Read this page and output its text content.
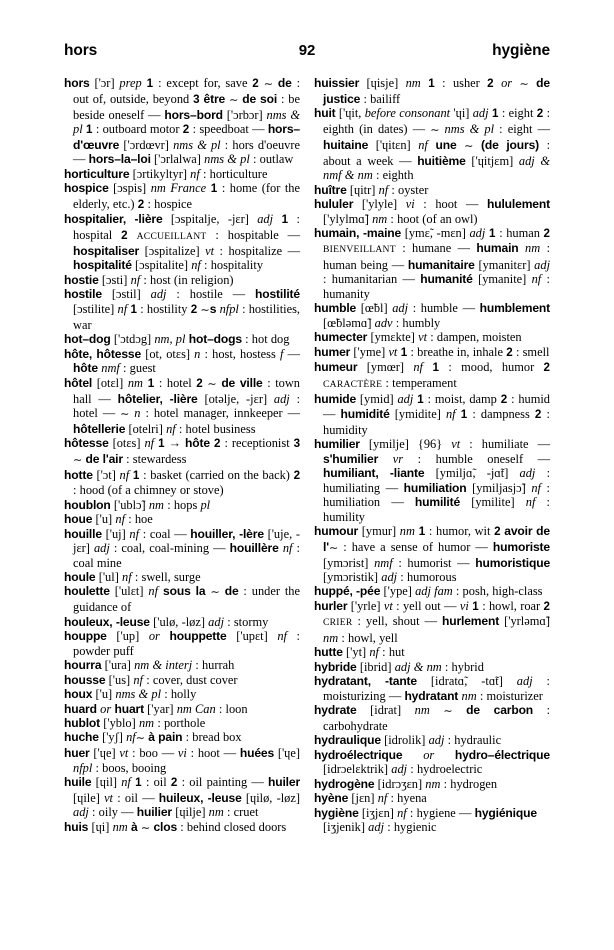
hors	92	hygiène

hors ['ɔr] prep 1 : except for, save 2 ∼ de : out of, outside, beyond 3 être ∼ de soi : be beside oneself — hors–bord ['ɔrbɔr] nms & pl 1 : outboard motor 2 : speedboat — hors–d'œuvre ['ɔrdœvr] nms & pl : hors d'oeuvre — hors–la–loi ['ɔrlalwa] nms & pl : outlaw

horticulture [ɔrtikyltyr] nf : horticulture

hospice [ɔspis] nm France 1 : home (for the elderly, etc.) 2 : hospice

hospitalier, -lière [ɔspitalje, -jɛr] adj 1 : hospital 2 ACCUEILLANT : hospitable — hospitaliser [ɔspitalize] vt : hospitalize — hospitalité [ɔspitalite] nf : hospitality

hostie [ɔsti] nf : host (in religion)

hostile [ɔstil] adj : hostile — hostilité [ɔstilite] nf 1 : hostility 2 ∼s nfpl : hostilities, war

hot–dog ['ɔtdɔg] nm, pl hot–dogs : hot dog

hôte, hôtesse [ot, otɛs] n : host, hostess f — hôte nmf : guest

hôtel [otɛl] nm 1 : hotel 2 ∼ de ville : town hall — hôtelier, -lière [otəlje, -jɛr] adj : hotel — ∼ n : hotel manager, innkeeper — hôtellerie [otelri] nf : hotel business

hôtesse [otɛs] nf 1 → hôte 2 : receptionist 3 ∼ de l'air : stewardess

hotte ['ɔt] nf 1 : basket (carried on the back) 2 : hood (of a chimney or stove)

houblon ['ublɔ̃] nm : hops pl

houe ['u] nf : hoe

houille ['uj] nf : coal — houiller, -lère ['uje, -jɛr] adj : coal, coal-mining — houillère nf : coal mine

houle ['ul] nf : swell, surge

houlette ['ulɛt] nf sous la ∼ de : under the guidance of

houleux, -leuse ['ulø, -løz] adj : stormy

houppe ['up] or houppette ['upɛt] nf : powder puff

hourra ['ura] nm & interj : hurrah

housse ['us] nf : cover, dust cover

houx ['u] nms & pl : holly

huard or huart ['yar] nm Can : loon

hublot ['yblo] nm : porthole

huche ['yʃ] nf∼ à pain : bread box

huer ['ɥe] vt : boo — vi : hoot — huées ['ɥe] nfpl : boos, booing

huile [ɥil] nf 1 : oil 2 : oil painting — huiler [ɥile] vt : oil — huileux, -leuse [ɥilø, -løz] adj : oily — huilier [ɥilje] nm : cruet

huis [ɥi] nm à ∼ clos : behind closed doors

huissier [ɥisje] nm 1 : usher 2 or ∼ de justice : bailiff

huit ['ɥit, before consonant 'ɥi] adj 1 : eight 2 : eighth (in dates) — ∼ nms & pl : eight —huitaine ['ɥitɛn] nf une ∼ (de jours) : about a week — huitième ['ɥitjɛm] adj & nmf & nm : eighth

huître [ɥitr] nf : oyster

hululer ['ylyle] vi : hoot — hululement ['ylylmɑ̃] nm : hoot (of an owl)

humain, -maine [ymɛ̃, -mɛn] adj 1 : human 2 BIENVEILLANT : humane — humain nm : human being — humanitaire [ymanitɛr] adj : humanitarian — humanité [ymanite] nf : humanity

humble [œ̃bl] adj : humble — humblement [œ̃bləmɑ̃] adv : humbly

humecter [ymɛkte] vt : dampen, moisten

humer ['yme] vt 1 : breathe in, inhale 2 : smell

humeur [ymœr] nf 1 : mood, humor 2 CARACTÈRE : temperament

humide [ymid] adj 1 : moist, damp 2 : humid — humidité [ymidite] nf 1 : dampness 2 : humidity

humilier [ymilje] {96} vt : humiliate — s'humilier vr : humble oneself — humiliant, -liante [ymiljɑ̃, -jɑ̃t] adj : humiliating — humiliation [ymiljasjɔ̃] nf : humiliation — humilité [ymilite] nf : humility

humour [ymur] nm 1 : humor, wit 2 avoir de l'∼ : have a sense of humor — humoriste [ymɔrist] nmf : humorist — humoristique [ymɔristik] adj : humorous

huppé, -pée ['ype] adj fam : posh, high-class

hurler ['yrle] vt : yell out — vi 1 : howl, roar 2 CRIER : yell, shout — hurlement ['yrləmɑ̃] nm : howl, yell

hutte ['yt] nf : hut

hybride [ibrid] adj & nm : hybrid

hydratant, -tante [idratɑ̃, -tɑ̃t] adj : moisturizing — hydratant nm : moisturizer

hydrate [idrat] nm ∼ de carbon : carbohydrate

hydraulique [idrolik] adj : hydraulic

hydroélectrique or hydro–électrique [idrɔelɛktrik] adj : hydroelectric

hydrogène [idrɔʒɛn] nm : hydrogen

hyène [jɛn] nf : hyena

hygiène [iʒjɛn] nf : hygiene — hygiénique [iʒjenik] adj : hygienic
